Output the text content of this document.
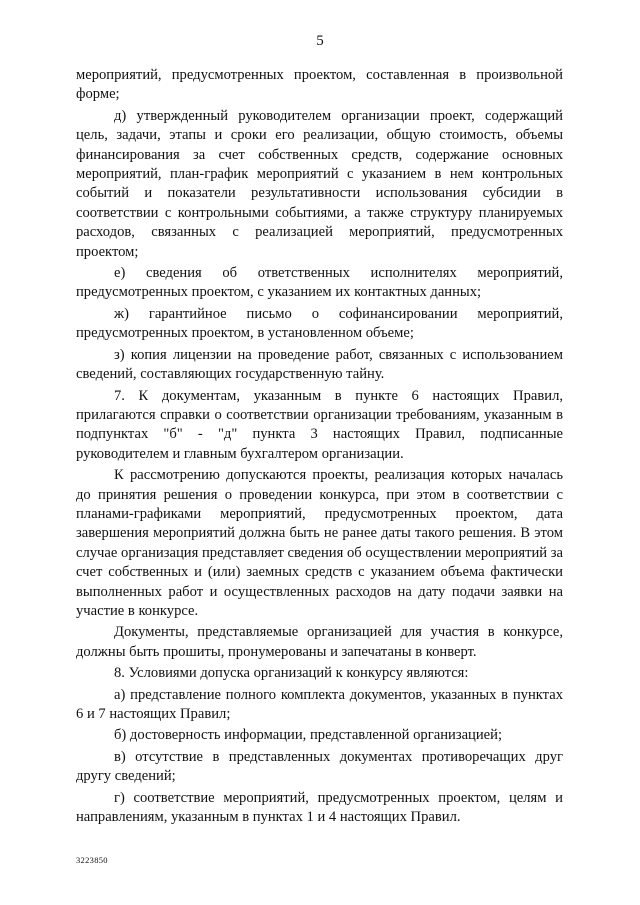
5

мероприятий, предусмотренных проектом, составленная в произвольной форме;

д) утвержденный руководителем организации проект, содержащий цель, задачи, этапы и сроки его реализации, общую стоимость, объемы финансирования за счет собственных средств, содержание основных мероприятий, план-график мероприятий с указанием в нем контрольных событий и показатели результативности использования субсидии в соответствии с контрольными событиями, а также структуру планируемых расходов, связанных с реализацией мероприятий, предусмотренных проектом;

е) сведения об ответственных исполнителях мероприятий, предусмотренных проектом, с указанием их контактных данных;

ж) гарантийное письмо о софинансировании мероприятий, предусмотренных проектом, в установленном объеме;

з) копия лицензии на проведение работ, связанных с использованием сведений, составляющих государственную тайну.

7. К документам, указанным в пункте 6 настоящих Правил, прилагаются справки о соответствии организации требованиям, указанным в подпунктах "б" - "д" пункта 3 настоящих Правил, подписанные руководителем и главным бухгалтером организации.

К рассмотрению допускаются проекты, реализация которых началась до принятия решения о проведении конкурса, при этом в соответствии с планами-графиками мероприятий, предусмотренных проектом, дата завершения мероприятий должна быть не ранее даты такого решения. В этом случае организация представляет сведения об осуществлении мероприятий за счет собственных и (или) заемных средств с указанием объема фактически выполненных работ и осуществленных расходов на дату подачи заявки на участие в конкурсе.

Документы, представляемые организацией для участия в конкурсе, должны быть прошиты, пронумерованы и запечатаны в конверт.

8. Условиями допуска организаций к конкурсу являются:

а) представление полного комплекта документов, указанных в пунктах 6 и 7 настоящих Правил;

б) достоверность информации, представленной организацией;

в) отсутствие в представленных документах противоречащих друг другу сведений;

г) соответствие мероприятий, предусмотренных проектом, целям и направлениям, указанным в пунктах 1 и 4 настоящих Правил.

3223850
